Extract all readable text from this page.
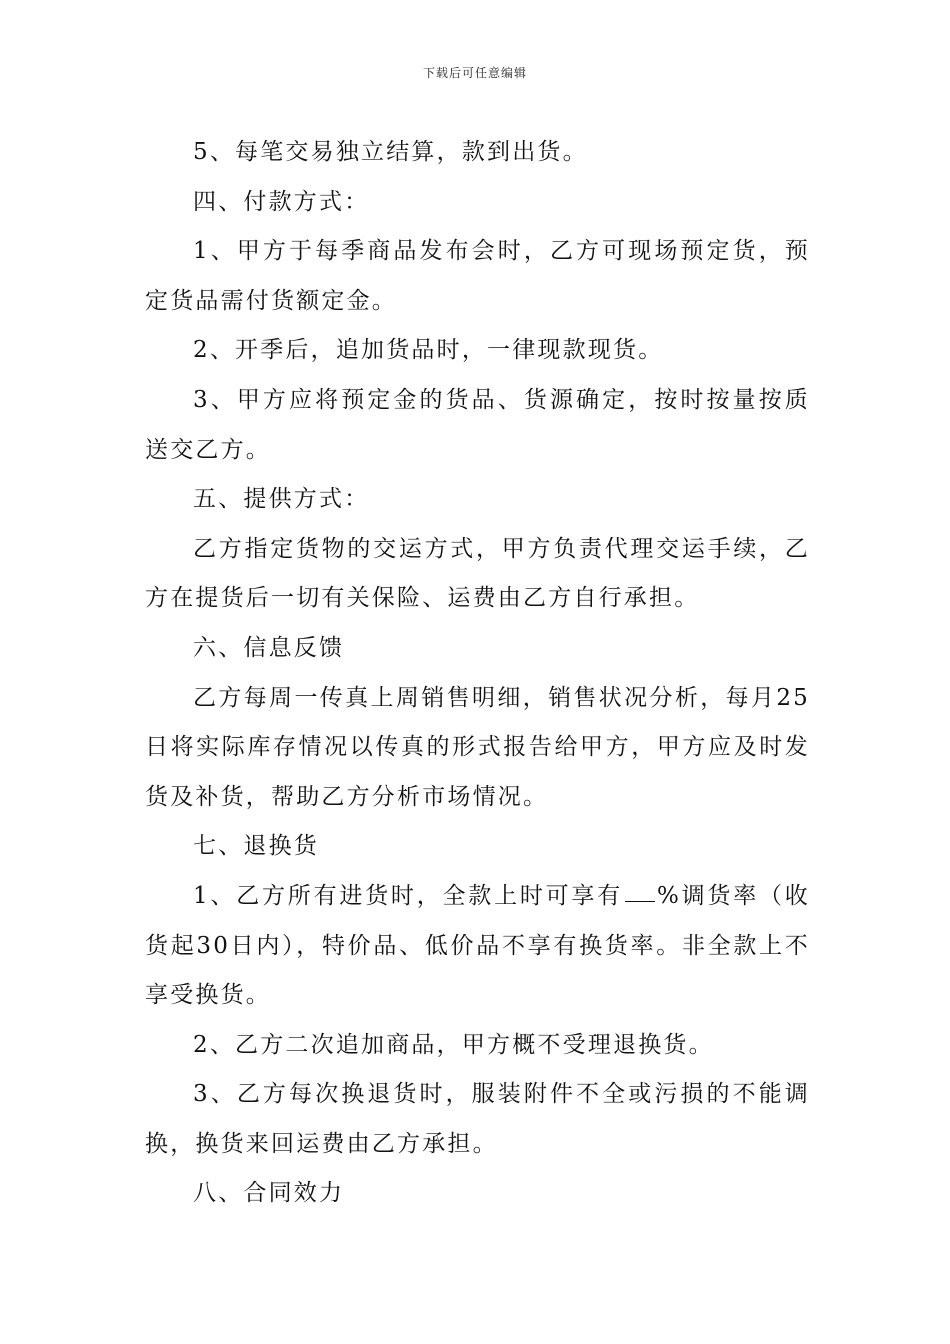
下载后可任意编辑

5、每笔交易独立结算，款到出货。

四、付款方式：

1、甲方于每季商品发布会时，乙方可现场预定货，预定货品需付货额定金。

2、开季后，追加货品时，一律现款现货。

3、甲方应将预定金的货品、货源确定，按时按量按质送交乙方。

五、提供方式：

乙方指定货物的交运方式，甲方负责代理交运手续，乙方在提货后一切有关保险、运费由乙方自行承担。

六、信息反馈

乙方每周一传真上周销售明细，销售状况分析，每月25日将实际库存情况以传真的形式报告给甲方，甲方应及时发货及补货，帮助乙方分析市场情况。

七、退换货

1、乙方所有进货时，全款上时可享有 %调货率（收货起30日内），特价品、低价品不享有换货率。非全款上不享受换货。

2、乙方二次追加商品，甲方概不受理退换货。

3、乙方每次换退货时，服装附件不全或污损的不能调换，换货来回运费由乙方承担。

八、合同效力
